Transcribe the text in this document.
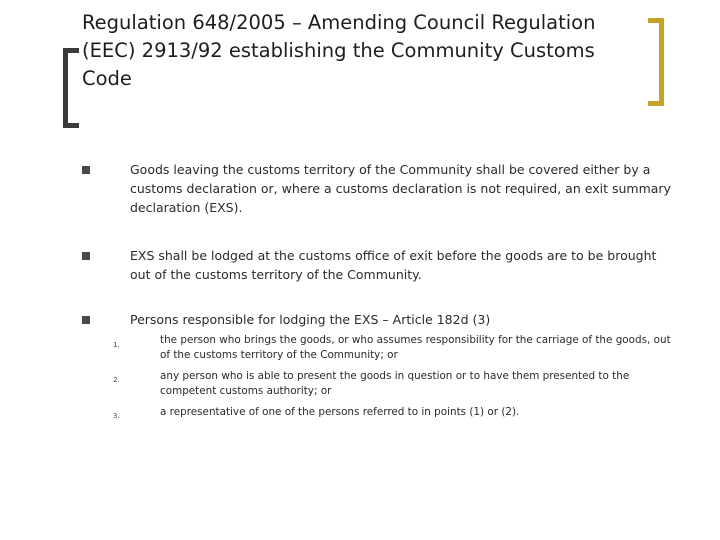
Regulation 648/2005 – Amending Council Regulation (EEC) 2913/92 establishing the Community Customs Code

Goods leaving the customs territory of the Community shall be covered either by a customs declaration or, where a customs declaration is not required, an exit summary declaration (EXS).

EXS shall be lodged at the customs office of exit before the goods are to be brought out of the customs territory of the Community.

Persons responsible for lodging the EXS – Article 182d (3)

1.	the person who brings the goods, or who assumes responsibility for the carriage of the goods, out of the customs territory of the Community; or

2.	any person who is able to present the goods in question or to have them presented to the competent customs authority; or

3.	a representative of one of the persons referred to in points (1) or (2).
